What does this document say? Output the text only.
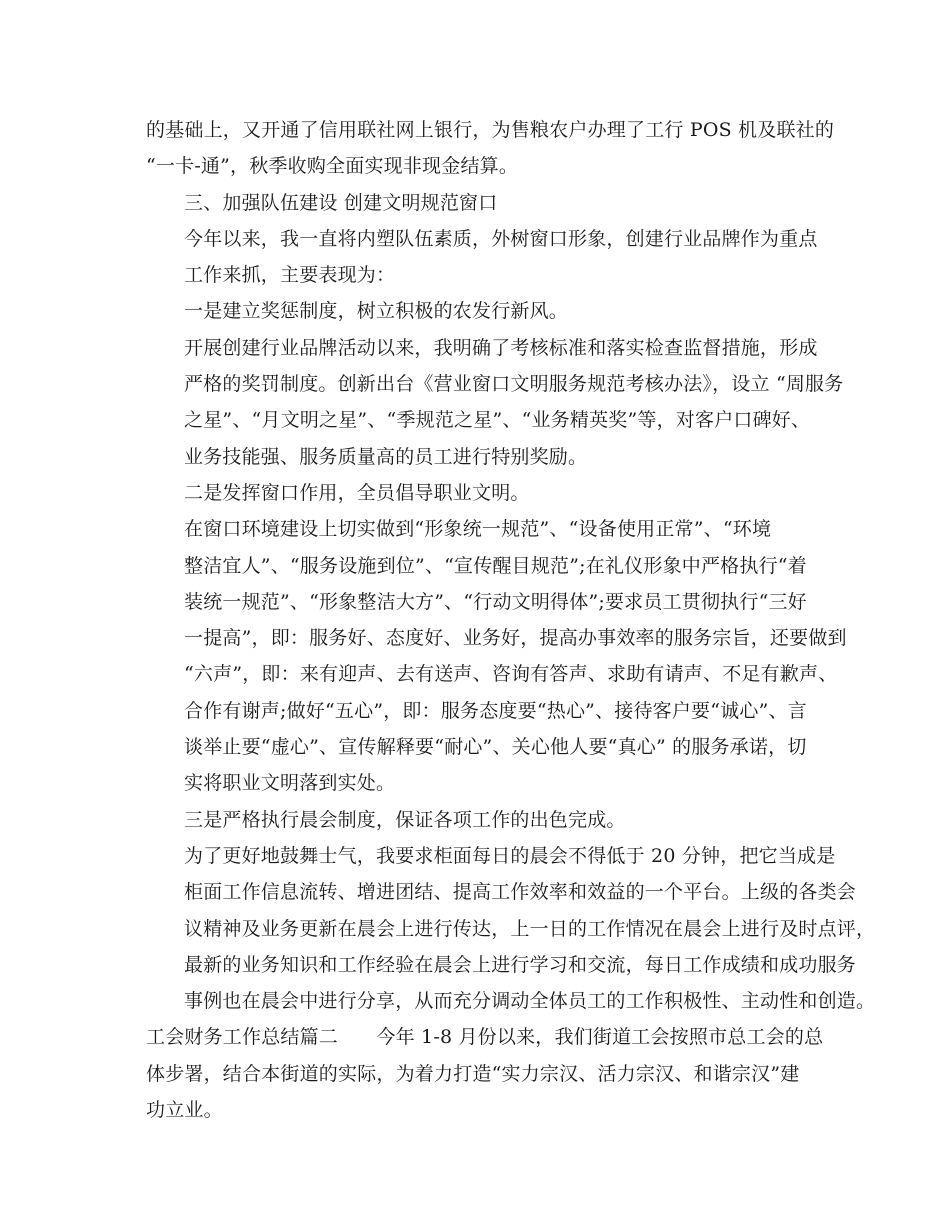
的基础上，又开通了信用联社网上银行，为售粮农户办理了工行 POS 机及联社的
“一卡-通”，秋季收购全面实现非现金结算。

三、加强队伍建设 创建文明规范窗口

今年以来，我一直将内塑队伍素质，外树窗口形象，创建行业品牌作为重点
工作来抓，主要表现为：

一是建立奖惩制度，树立积极的农发行新风。

开展创建行业品牌活动以来，我明确了考核标准和落实检查监督措施，形成
严格的奖罚制度。创新出台《营业窗口文明服务规范考核办法》，设立 “周服务
之星”、“月文明之星”、“季规范之星”、“业务精英奖”等，对客户口碑好、
业务技能强、服务质量高的员工进行特别奖励。

二是发挥窗口作用，全员倡导职业文明。

在窗口环境建设上切实做到“形象统一规范”、“设备使用正常”、“环境
整洁宜人”、“服务设施到位”、“宣传醒目规范”;在礼仪形象中严格执行“着
装统一规范”、“形象整洁大方”、“行动文明得体”;要求员工贯彻执行“三好
一提高”，即：服务好、态度好、业务好，提高办事效率的服务宗旨，还要做到
“六声”，即：来有迎声、去有送声、咨询有答声、求助有请声、不足有歉声、
合作有谢声;做好“五心”，即：服务态度要“热心”、接待客户要“诚心”、言
谈举止要“虚心”、宣传解释要“耐心”、关心他人要“真心” 的服务承诺，切
实将职业文明落到实处。

三是严格执行晨会制度，保证各项工作的出色完成。

为了更好地鼓舞士气，我要求柜面每日的晨会不得低于 20 分钟，把它当成是
柜面工作信息流转、增进团结、提高工作效率和效益的一个平台。上级的各类会
议精神及业务更新在晨会上进行传达，上一日的工作情况在晨会上进行及时点评，
最新的业务知识和工作经验在晨会上进行学习和交流，每日工作成绩和成功服务
事例也在晨会中进行分享，从而充分调动全体员工的工作积极性、主动性和创造。

工会财务工作总结篇二　　今年 1-8 月份以来，我们街道工会按照市总工会的总
体步署，结合本街道的实际，为着力打造“实力宗汉、活力宗汉、和谐宗汉”建
功立业。
